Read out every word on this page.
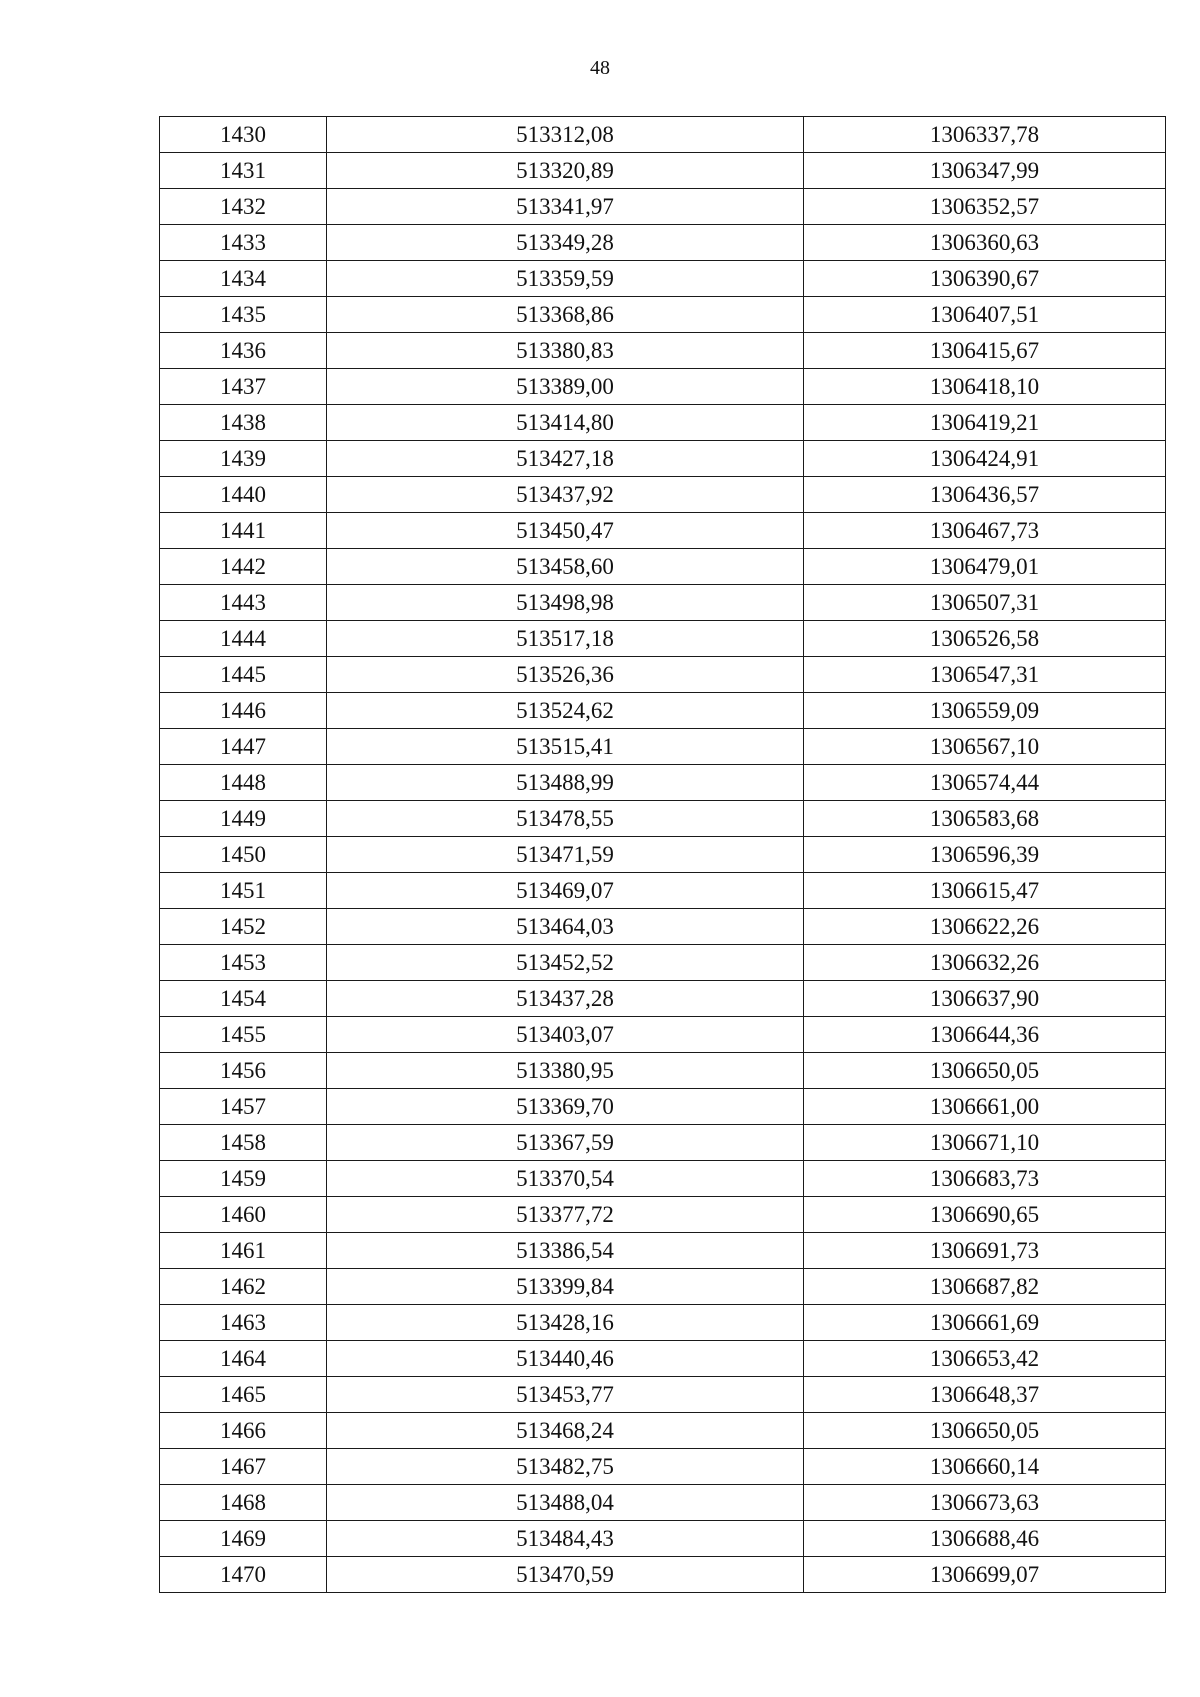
48
1430	513312,08	1306337,78
1431	513320,89	1306347,99
1432	513341,97	1306352,57
1433	513349,28	1306360,63
1434	513359,59	1306390,67
1435	513368,86	1306407,51
1436	513380,83	1306415,67
1437	513389,00	1306418,10
1438	513414,80	1306419,21
1439	513427,18	1306424,91
1440	513437,92	1306436,57
1441	513450,47	1306467,73
1442	513458,60	1306479,01
1443	513498,98	1306507,31
1444	513517,18	1306526,58
1445	513526,36	1306547,31
1446	513524,62	1306559,09
1447	513515,41	1306567,10
1448	513488,99	1306574,44
1449	513478,55	1306583,68
1450	513471,59	1306596,39
1451	513469,07	1306615,47
1452	513464,03	1306622,26
1453	513452,52	1306632,26
1454	513437,28	1306637,90
1455	513403,07	1306644,36
1456	513380,95	1306650,05
1457	513369,70	1306661,00
1458	513367,59	1306671,10
1459	513370,54	1306683,73
1460	513377,72	1306690,65
1461	513386,54	1306691,73
1462	513399,84	1306687,82
1463	513428,16	1306661,69
1464	513440,46	1306653,42
1465	513453,77	1306648,37
1466	513468,24	1306650,05
1467	513482,75	1306660,14
1468	513488,04	1306673,63
1469	513484,43	1306688,46
1470	513470,59	1306699,07
